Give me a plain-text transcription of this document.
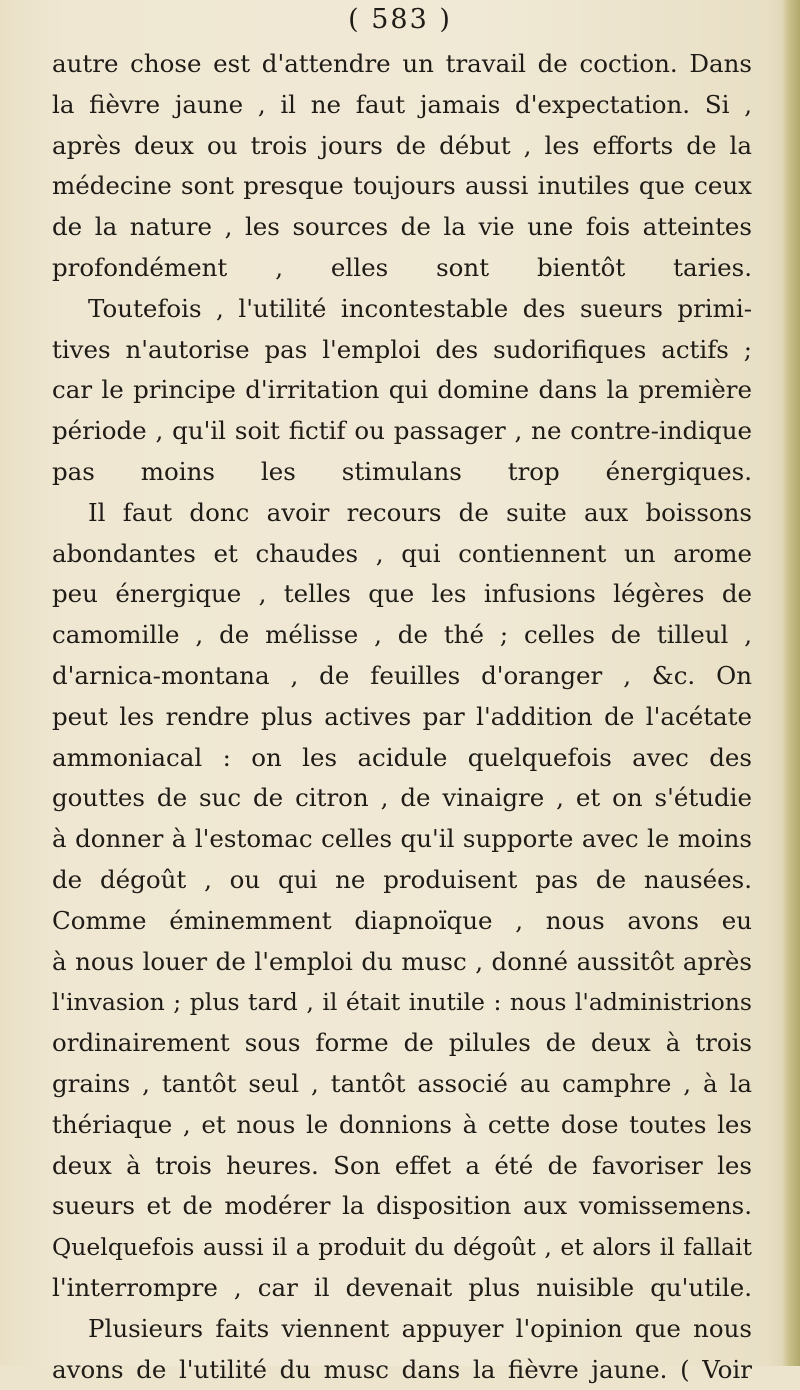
( 583 )
autre chose est d'attendre un travail de coction. Dans
la fièvre jaune , il ne faut jamais d'expectation. Si ,
après deux ou trois jours de début , les efforts de la
médecine sont presque toujours aussi inutiles que ceux
de la nature , les sources de la vie une fois atteintes
profondément , elles sont bientôt taries.
Toutefois , l'utilité incontestable des sueurs primi-
tives n'autorise pas l'emploi des sudorifiques actifs ;
car le principe d'irritation qui domine dans la première
période , qu'il soit fictif ou passager , ne contre-indique
pas moins les stimulans trop énergiques.
Il faut donc avoir recours de suite aux boissons
abondantes et chaudes , qui contiennent un arome
peu énergique , telles que les infusions légères de
camomille , de mélisse , de thé ; celles de tilleul ,
d'arnica-montana , de feuilles d'oranger , &c. On
peut les rendre plus actives par l'addition de l'acétate
ammoniacal : on les acidule quelquefois avec des
gouttes de suc de citron , de vinaigre , et on s'étudie
à donner à l'estomac celles qu'il supporte avec le moins
de dégoût , ou qui ne produisent pas de nausées.
Comme éminemment diapnoïque , nous avons eu
à nous louer de l'emploi du musc , donné aussitôt après
l'invasion ; plus tard , il était inutile : nous l'administrions
ordinairement sous forme de pilules de deux à trois
grains , tantôt seul , tantôt associé au camphre , à la
thériaque , et nous le donnions à cette dose toutes les
deux à trois heures. Son effet a été de favoriser les
sueurs et de modérer la disposition aux vomissemens.
Quelquefois aussi il a produit du dégoût , et alors il fallait
l'interrompre , car il devenait plus nuisible qu'utile.
Plusieurs faits viennent appuyer l'opinion que nous
avons de l'utilité du musc dans la fièvre jaune. ( Voir
